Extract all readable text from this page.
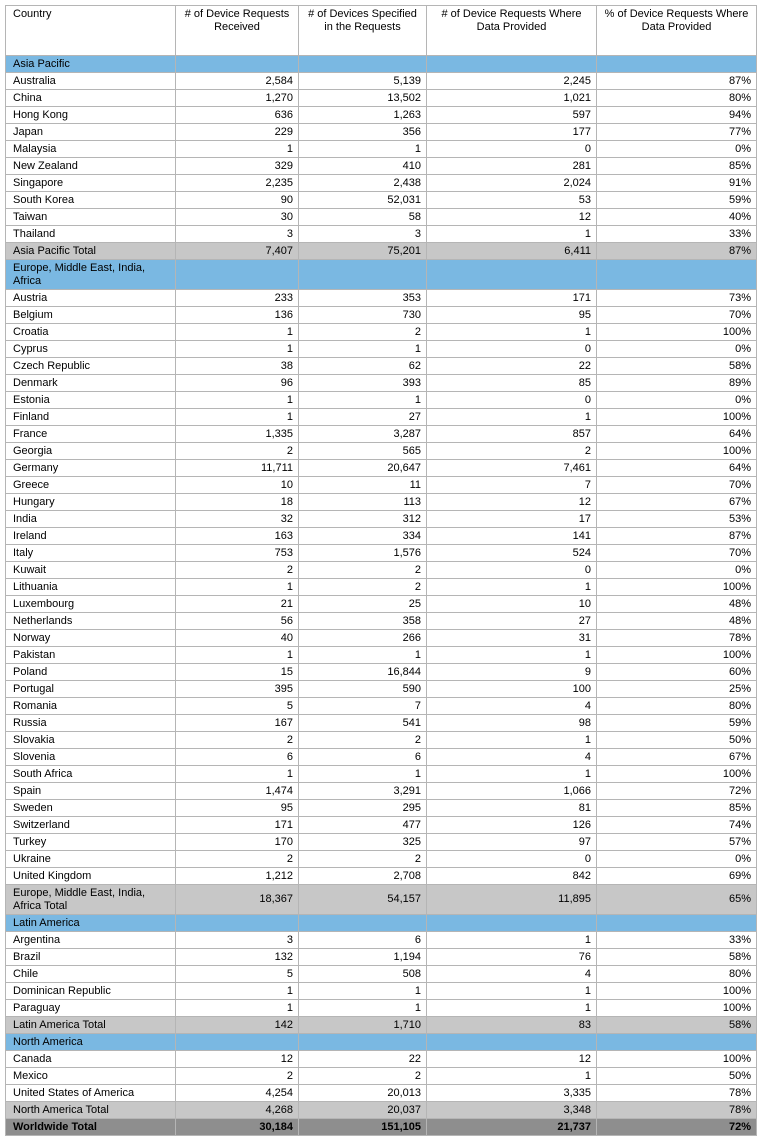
Country	# of Device Requests Received	# of Devices Specified in the Requests	# of Device Requests Where Data Provided	% of Device Requests Where Data Provided
Asia Pacific				
Australia	2,584	5,139	2,245	87%
China	1,270	13,502	1,021	80%
Hong Kong	636	1,263	597	94%
Japan	229	356	177	77%
Malaysia	1	1	0	0%
New Zealand	329	410	281	85%
Singapore	2,235	2,438	2,024	91%
South Korea	90	52,031	53	59%
Taiwan	30	58	12	40%
Thailand	3	3	1	33%
Asia Pacific Total	7,407	75,201	6,411	87%
Europe, Middle East, India, Africa				
Austria	233	353	171	73%
Belgium	136	730	95	70%
Croatia	1	2	1	100%
Cyprus	1	1	0	0%
Czech Republic	38	62	22	58%
Denmark	96	393	85	89%
Estonia	1	1	0	0%
Finland	1	27	1	100%
France	1,335	3,287	857	64%
Georgia	2	565	2	100%
Germany	11,711	20,647	7,461	64%
Greece	10	11	7	70%
Hungary	18	113	12	67%
India	32	312	17	53%
Ireland	163	334	141	87%
Italy	753	1,576	524	70%
Kuwait	2	2	0	0%
Lithuania	1	2	1	100%
Luxembourg	21	25	10	48%
Netherlands	56	358	27	48%
Norway	40	266	31	78%
Pakistan	1	1	1	100%
Poland	15	16,844	9	60%
Portugal	395	590	100	25%
Romania	5	7	4	80%
Russia	167	541	98	59%
Slovakia	2	2	1	50%
Slovenia	6	6	4	67%
South Africa	1	1	1	100%
Spain	1,474	3,291	1,066	72%
Sweden	95	295	81	85%
Switzerland	171	477	126	74%
Turkey	170	325	97	57%
Ukraine	2	2	0	0%
United Kingdom	1,212	2,708	842	69%
Europe, Middle East, India, Africa Total	18,367	54,157	11,895	65%
Latin America				
Argentina	3	6	1	33%
Brazil	132	1,194	76	58%
Chile	5	508	4	80%
Dominican Republic	1	1	1	100%
Paraguay	1	1	1	100%
Latin America Total	142	1,710	83	58%
North America				
Canada	12	22	12	100%
Mexico	2	2	1	50%
United States of America	4,254	20,013	3,335	78%
North America Total	4,268	20,037	3,348	78%
Worldwide Total	30,184	151,105	21,737	72%
